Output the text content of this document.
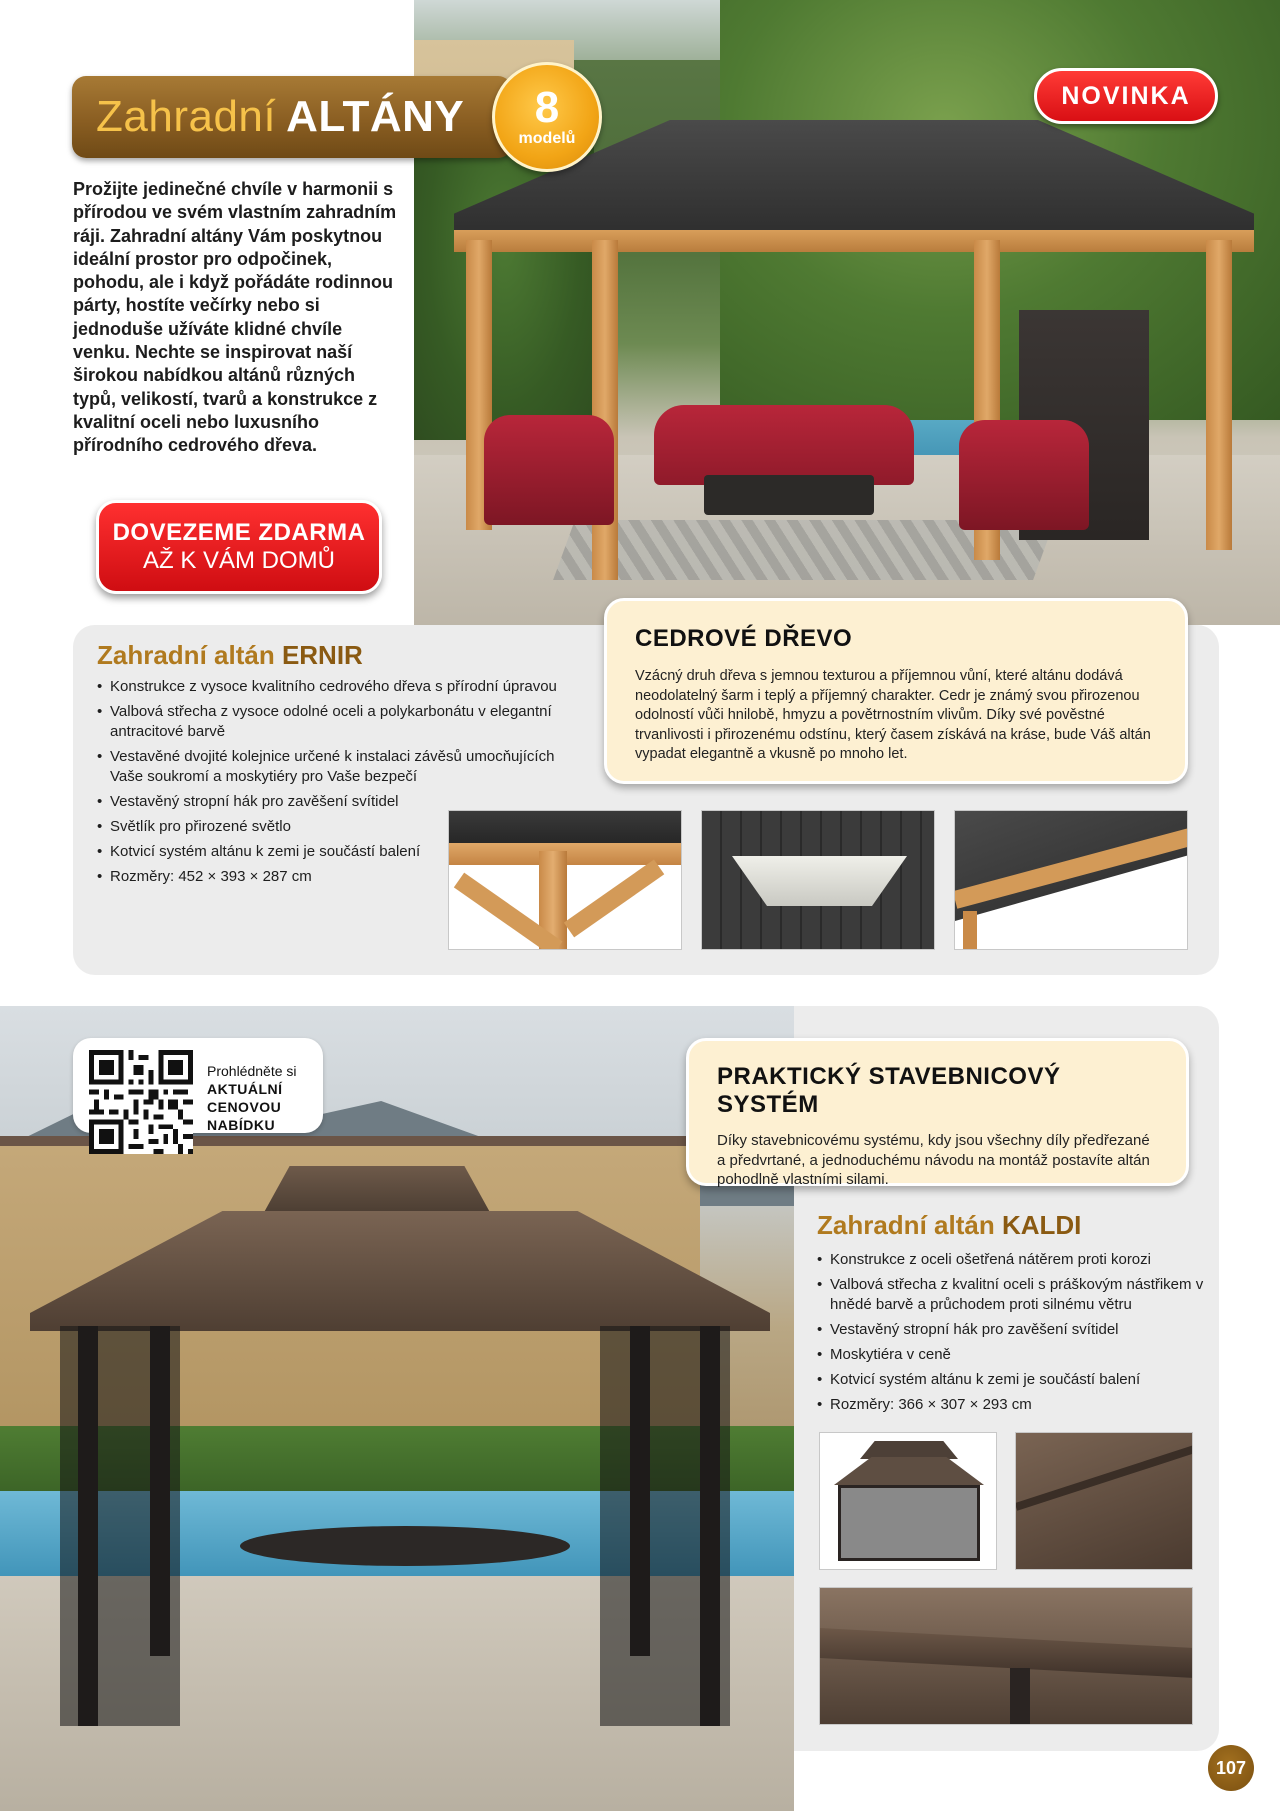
Zahradní ALTÁNY 8
modelů
NOVINKA

Prožijte jedinečné chvíle v harmonii s přírodou ve svém vlastním zahradním ráji. Zahradní altány Vám poskytnou ideální prostor pro odpočinek, pohodu, ale i když pořádáte rodinnou párty, hostíte večírky nebo si jednoduše užíváte klidné chvíle venku. Nechte se inspirovat naší širokou nabídkou altánů různých typů, velikostí, tvarů a konstrukce z kvalitní oceli nebo luxusního přírodního cedrového dřeva.

DOVEZEME ZDARMA
AŽ K VÁM DOMŮ
Zahradní altán ERNIR
• Konstrukce z vysoce kvalitního cedrového dřeva s přírodní úpravou
• Valbová střecha z vysoce odolné oceli a polykarbonátu v elegantní antracitové barvě
• Vestavěné dvojité kolejnice určené k instalaci závěsů umocňujících Vaše soukromí a moskytiéry pro Vaše bezpečí
• Vestavěný stropní hák pro zavěšení svítidel
• Světlík pro přirozené světlo
• Kotvicí systém altánu k zemi je součástí balení
• Rozměry: 452 × 393 × 287 cm
CEDROVÉ DŘEVO

Vzácný druh dřeva s jemnou texturou a příjemnou vůní, které altánu dodává neodolatelný šarm i teplý a příjemný charakter. Cedr je známý svou přirozenou odolností vůči hnilobě, hmyzu a povětrnostním vlivům. Díky své pověstné trvanlivosti i přirozenému odstínu, který časem získává na kráse, bude Váš altán vypadat elegantně a vkusně po mnoho let.

Prohlédněte si
AKTUÁLNÍ
CENOVOU
NABÍDKU
PRAKTICKÝ STAVEBNICOVÝ SYSTÉM

Díky stavebnicovému systému, kdy jsou všechny díly předřezané a předvrtané, a jednoduchému návodu na montáž postavíte altán pohodlně vlastními silami.

Zahradní altán KALDI
• Konstrukce z oceli ošetřená nátěrem proti korozi
• Valbová střecha z kvalitní oceli s práškovým nástřikem v hnědé barvě a průchodem proti silnému větru
• Vestavěný stropní hák pro zavěšení svítidel
• Moskytiéra v ceně
• Kotvicí systém altánu k zemi je součástí balení
• Rozměry: 366 × 307 × 293 cm
107
